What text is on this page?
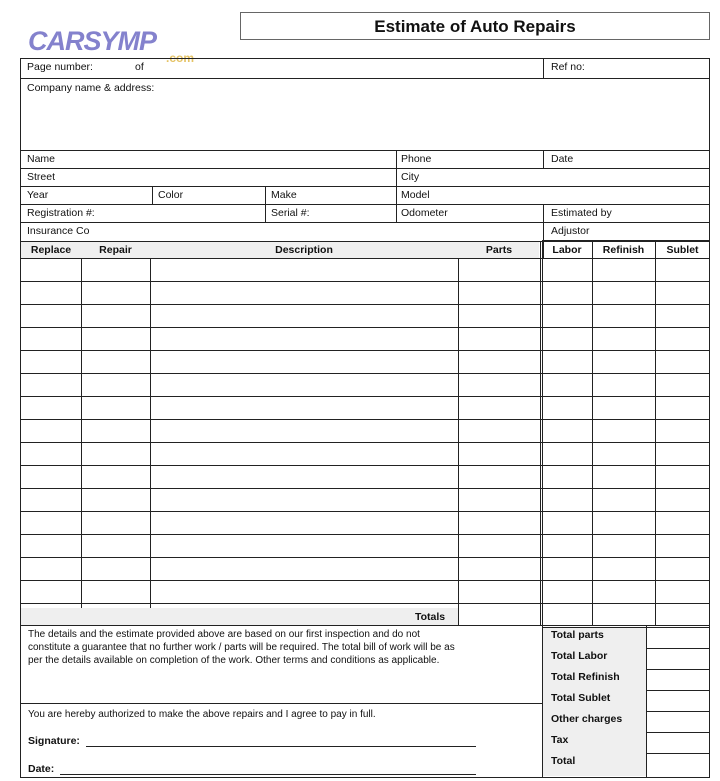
Estimate of Auto Repairs
CARSYMP
.com
Page number:	of	Ref no:
Company name & address:
Name	Phone	Date
Street	City
Year	Color	Make	Model
Registration #:	Serial #:	Odometer	Estimated by
Insurance Co	Adjustor
Replace	Repair	Description	Parts	Labor	Refinish	Sublet
Totals
The details and the estimate provided above are based on our first inspection and do not
constitute a guarantee that no further work / parts will be required. The total bill of work will be as
per the details available on completion of the work. Other terms and conditions as applicable.
You are hereby authorized to make the above repairs and I agree to pay in full.
Signature:
Date:
Total parts
Total Labor
Total Refinish
Total Sublet
Other charges
Tax
Total
